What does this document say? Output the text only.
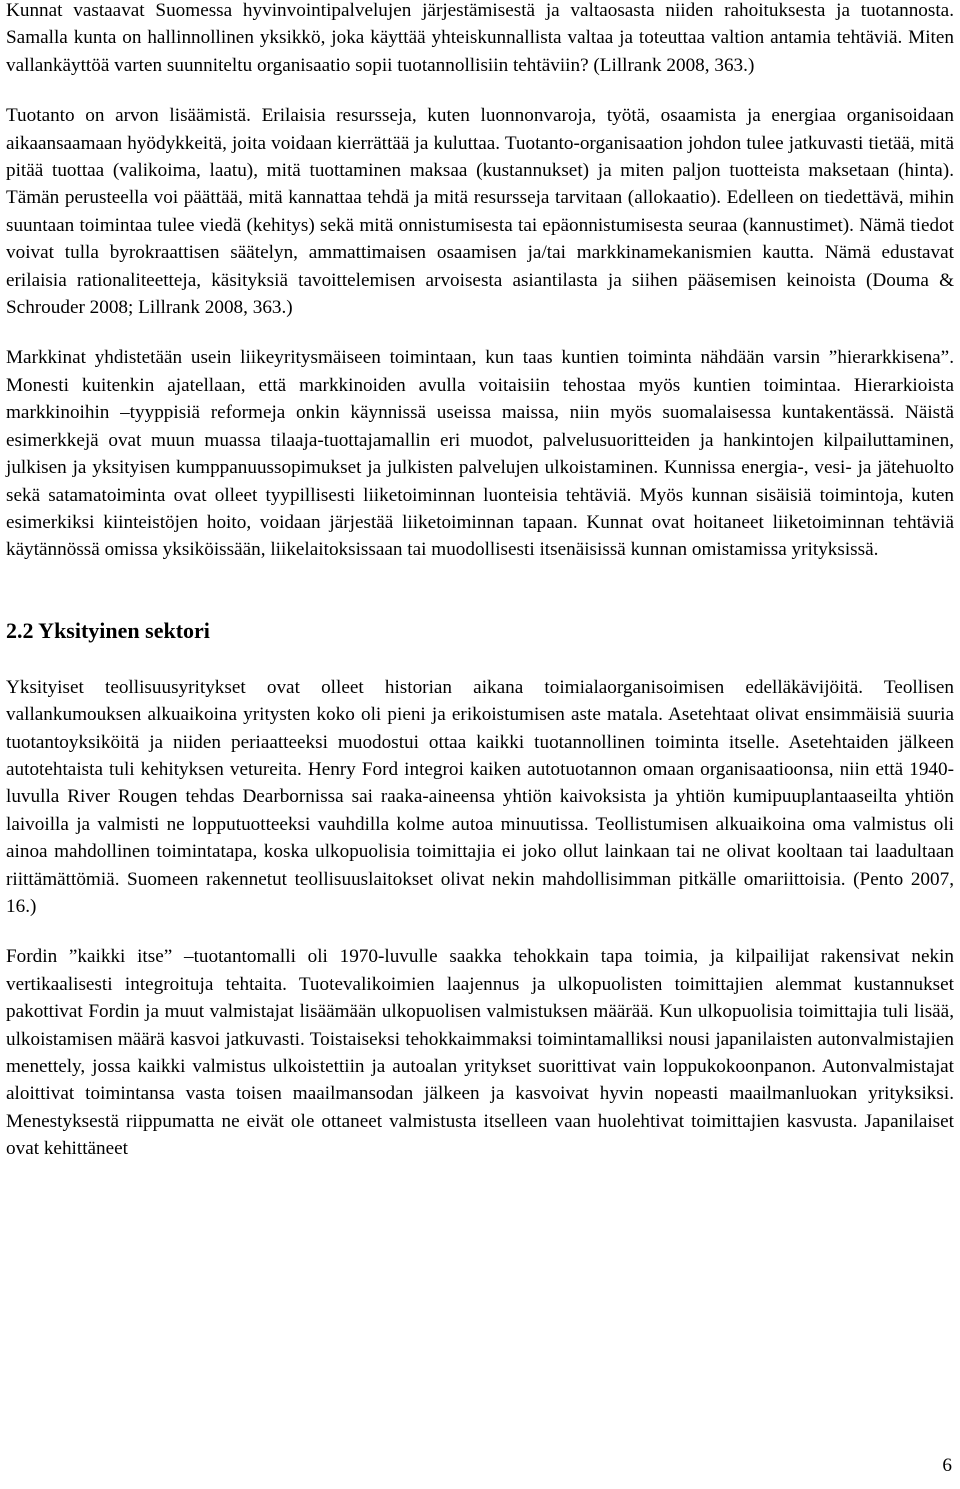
Kunnat vastaavat Suomessa hyvinvointipalvelujen järjestämisestä ja valtaosasta niiden rahoituksesta ja tuotannosta. Samalla kunta on hallinnollinen yksikkö, joka käyttää yhteiskunnallista valtaa ja toteuttaa valtion antamia tehtäviä. Miten vallankäyttöä varten suunniteltu organisaatio sopii tuotannollisiin tehtäviin? (Lillrank 2008, 363.)

Tuotanto on arvon lisäämistä. Erilaisia resursseja, kuten luonnonvaroja, työtä, osaamista ja energiaa organisoidaan aikaansaamaan hyödykkeitä, joita voidaan kierrättää ja kuluttaa. Tuotanto-organisaation johdon tulee jatkuvasti tietää, mitä pitää tuottaa (valikoima, laatu), mitä tuottaminen maksaa (kustannukset) ja miten paljon tuotteista maksetaan (hinta). Tämän perusteella voi päättää, mitä kannattaa tehdä ja mitä resursseja tarvitaan (allokaatio). Edelleen on tiedettävä, mihin suuntaan toimintaa tulee viedä (kehitys) sekä mitä onnistumisesta tai epäonnistumisesta seuraa (kannustimet). Nämä tiedot voivat tulla byrokraattisen säätelyn, ammattimaisen osaamisen ja/tai markkinamekanismien kautta. Nämä edustavat erilaisia rationaliteetteja, käsityksiä tavoittelemisen arvoisesta asiantilasta ja siihen pääsemisen keinoista (Douma & Schrouder 2008; Lillrank 2008, 363.)

Markkinat yhdistetään usein liikeyritysmäiseen toimintaan, kun taas kuntien toiminta nähdään varsin ”hierarkkisena”. Monesti kuitenkin ajatellaan, että markkinoiden avulla voitaisiin tehostaa myös kuntien toimintaa. Hierarkioista markkinoihin –tyyppisiä reformeja onkin käynnissä useissa maissa, niin myös suomalaisessa kuntakentässä. Näistä esimerkkejä ovat muun muassa tilaaja-tuottajamallin eri muodot, palvelusuoritteiden ja hankintojen kilpailuttaminen, julkisen ja yksityisen kumppanuussopimukset ja julkisten palvelujen ulkoistaminen. Kunnissa energia-, vesi- ja jätehuolto sekä satamatoiminta ovat olleet tyypillisesti liiketoiminnan luonteisia tehtäviä. Myös kunnan sisäisiä toimintoja, kuten esimerkiksi kiinteistöjen hoito, voidaan järjestää liiketoiminnan tapaan. Kunnat ovat hoitaneet liiketoiminnan tehtäviä käytännössä omissa yksiköissään, liikelaitoksissaan tai muodollisesti itsenäisissä kunnan omistamissa yrityksissä.

2.2 Yksityinen sektori

Yksityiset teollisuusyritykset ovat olleet historian aikana toimialaorganisoimisen edelläkävijöitä. Teollisen vallankumouksen alkuaikoina yritysten koko oli pieni ja erikoistumisen aste matala. Asetehtaat olivat ensimmäisiä suuria tuotantoyksiköitä ja niiden periaatteeksi muodostui ottaa kaikki tuotannollinen toiminta itselle. Asetehtaiden jälkeen autotehtaista tuli kehityksen vetureita. Henry Ford integroi kaiken autotuotannon omaan organisaatioonsa, niin että 1940-luvulla River Rougen tehdas Dearbornissa sai raaka-aineensa yhtiön kaivoksista ja yhtiön kumipuuplantaaseilta yhtiön laivoilla ja valmisti ne lopputuotteeksi vauhdilla kolme autoa minuutissa. Teollistumisen alkuaikoina oma valmistus oli ainoa mahdollinen toimintatapa, koska ulkopuolisia toimittajia ei joko ollut lainkaan tai ne olivat kooltaan tai laadultaan riittämättömiä. Suomeen rakennetut teollisuuslaitokset olivat nekin mahdollisimman pitkälle omariittoisia. (Pento 2007, 16.)

Fordin ”kaikki itse” –tuotantomalli oli 1970-luvulle saakka tehokkain tapa toimia, ja kilpailijat rakensivat nekin vertikaalisesti integroituja tehtaita. Tuotevalikoimien laajennus ja ulkopuolisten toimittajien alemmat kustannukset pakottivat Fordin ja muut valmistajat lisäämään ulkopuolisen valmistuksen määrää. Kun ulkopuolisia toimittajia tuli lisää, ulkoistamisen määrä kasvoi jatkuvasti. Toistaiseksi tehokkaimmaksi toimintamalliksi nousi japanilaisten autonvalmistajien menettely, jossa kaikki valmistus ulkoistettiin ja autoalan yritykset suorittivat vain loppukokoonpanon. Autonvalmistajat aloittivat toimintansa vasta toisen maailmansodan jälkeen ja kasvoivat hyvin nopeasti maailmanluokan yrityksiksi. Menestyksestä riippumatta ne eivät ole ottaneet valmistusta itselleen vaan huolehtivat toimittajien kasvusta. Japanilaiset ovat kehittäneet

6
